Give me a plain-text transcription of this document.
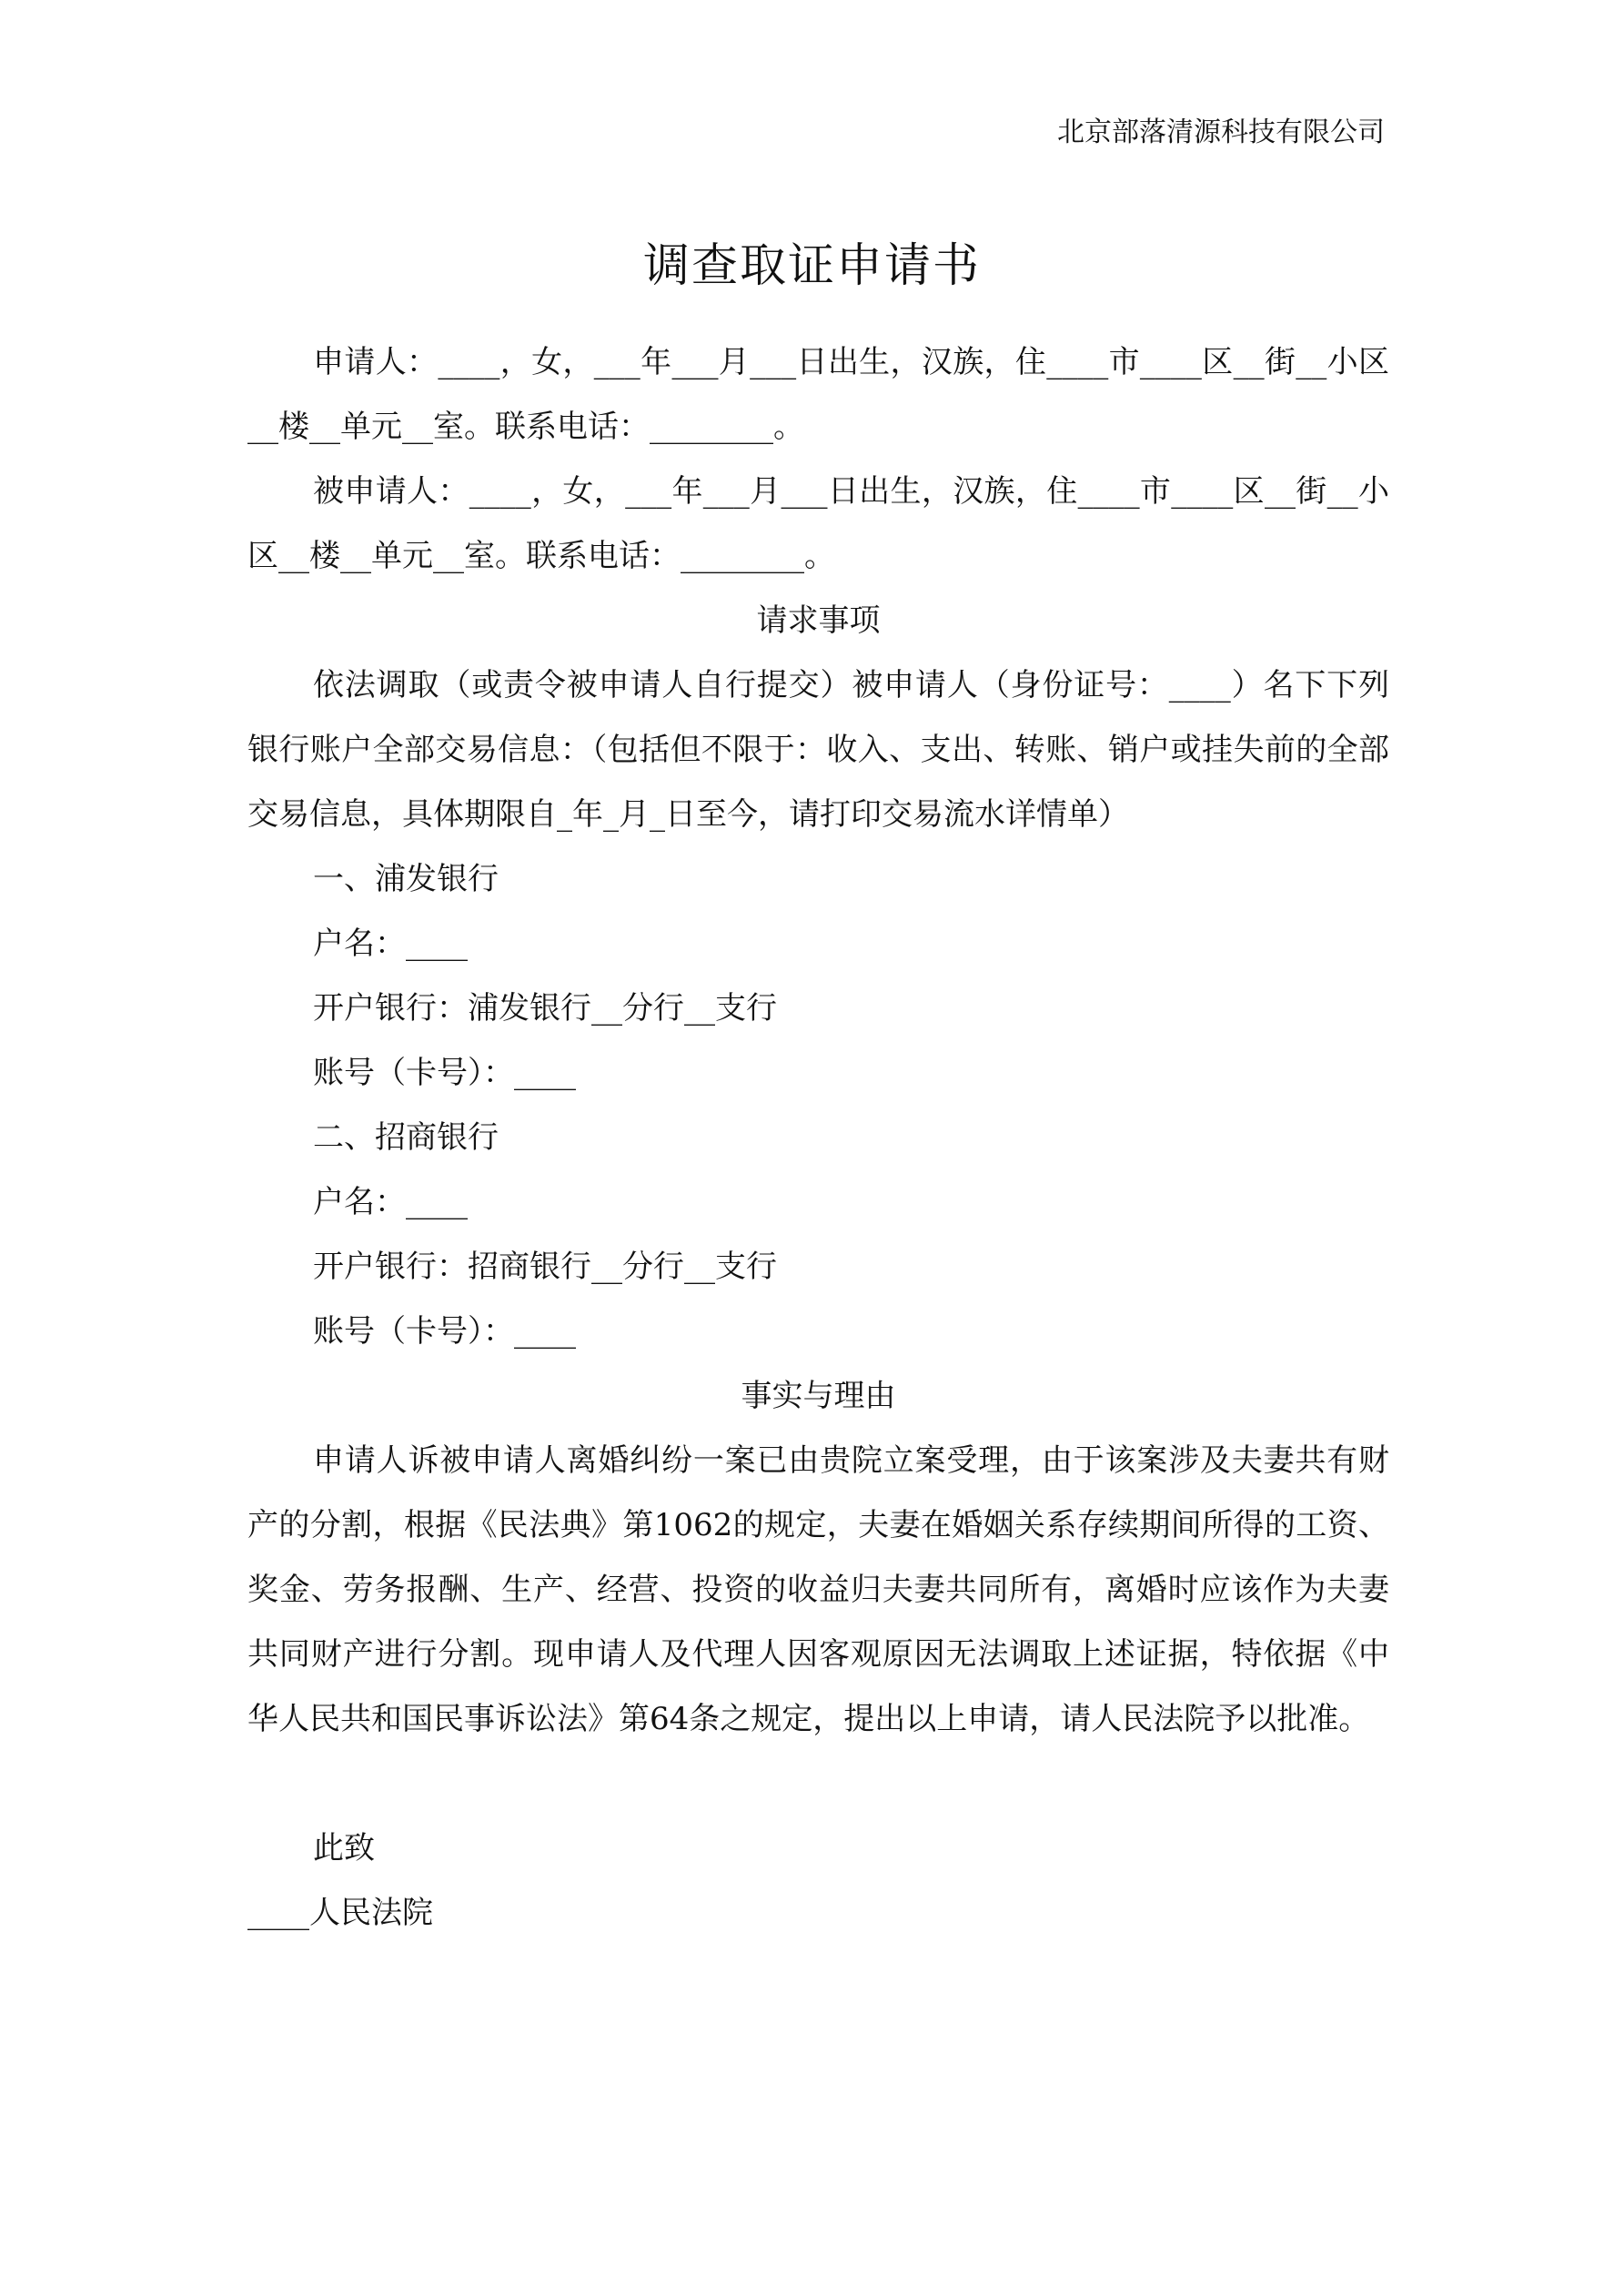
北京部落清源科技有限公司
调查取证申请书

申请人：____，女，___年___月___日出生，汉族，住____市____区__街__小区__楼__单元__室。联系电话：________。

被申请人：____，女，___年___月___日出生，汉族，住____市____区__街__小区__楼__单元__室。联系电话：________。

请求事项

依法调取（或责令被申请人自行提交）被申请人（身份证号：____）名下下列银行账户全部交易信息：（包括但不限于：收入、支出、转账、销户或挂失前的全部交易信息，具体期限自_年_月_日至今，请打印交易流水详情单）

一、浦发银行

户名：____

开户银行：浦发银行__分行__支行

账号（卡号）：____

二、招商银行

户名：____

开户银行：招商银行__分行__支行

账号（卡号）：____

事实与理由

申请人诉被申请人离婚纠纷一案已由贵院立案受理，由于该案涉及夫妻共有财产的分割，根据《民法典》第1062的规定，夫妻在婚姻关系存续期间所得的工资、奖金、劳务报酬、生产、经营、投资的收益归夫妻共同所有，离婚时应该作为夫妻共同财产进行分割。现申请人及代理人因客观原因无法调取上述证据，特依据《中华人民共和国民事诉讼法》第64条之规定，提出以上申请，请人民法院予以批准。

此致

____人民法院
